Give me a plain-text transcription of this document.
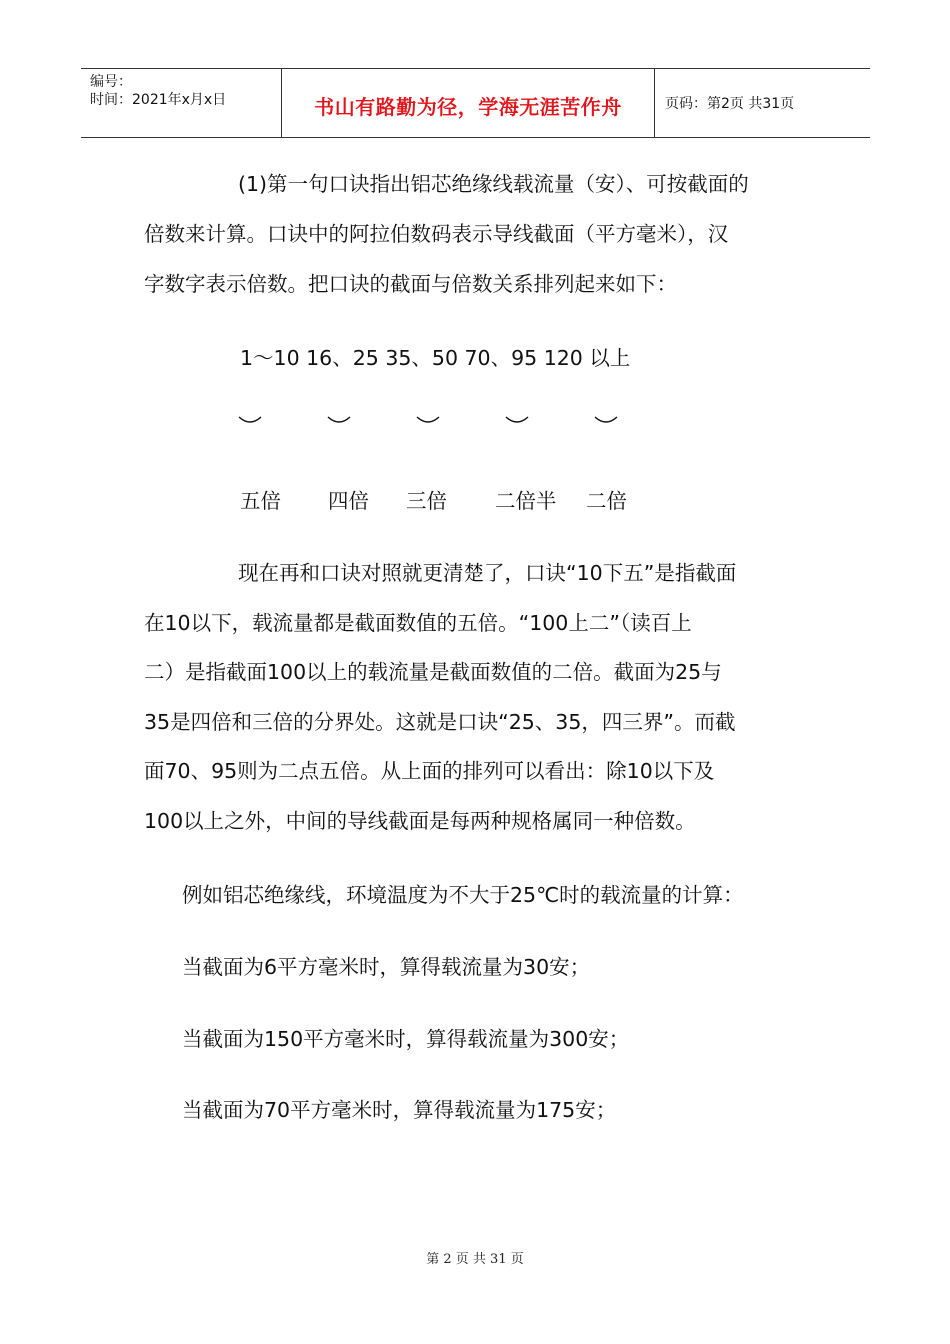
编号：
时间：2021年x月x日	书山有路勤为径，学海无涯苦作舟	页码：第2页 共31页
(1)第一句口诀指出铝芯绝缘线载流量（安）、可按截面的
倍数来计算。口诀中的阿拉伯数码表示导线截面（平方毫米），汉
字数字表示倍数。把口诀的截面与倍数关系排列起来如下：
1～10 16、25 35、50 70、95 120 以上
五倍 四倍 三倍 二倍半 二倍
现在再和口诀对照就更清楚了，口诀“10下五”是指截面
在10以下，载流量都是截面数值的五倍。“100上二”（读百上
二）是指截面100以上的载流量是截面数值的二倍。截面为25与
35是四倍和三倍的分界处。这就是口诀“25、35，四三界”。而截
面70、95则为二点五倍。从上面的排列可以看出：除10以下及
100以上之外，中间的导线截面是每两种规格属同一种倍数。
例如铝芯绝缘线，环境温度为不大于25℃时的载流量的计算：
当截面为6平方毫米时，算得载流量为30安；
当截面为150平方毫米时，算得载流量为300安；
当截面为70平方毫米时，算得载流量为175安；
第 2 页 共 31 页
